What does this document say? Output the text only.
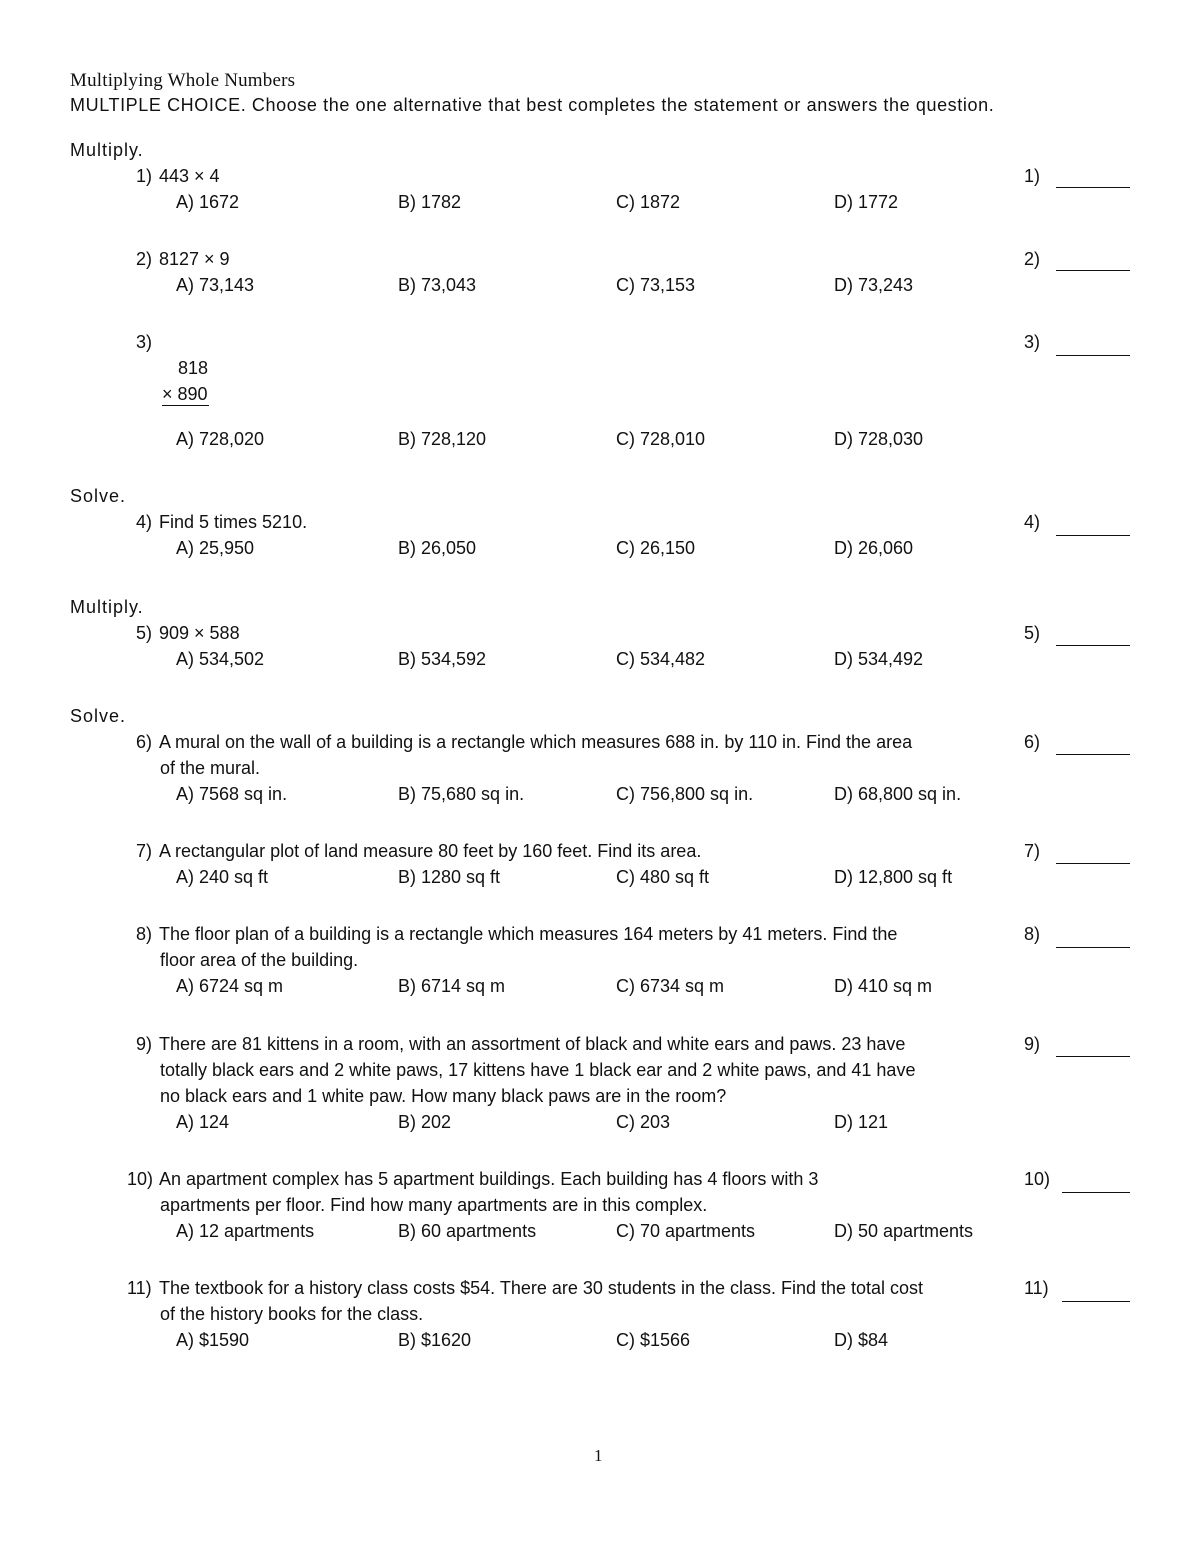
Multiplying Whole Numbers
MULTIPLE CHOICE. Choose the one alternative that best completes the statement or answers the question.
Multiply.
1) 443 × 4
A) 1672	B) 1782	C) 1872	D) 1772
1)
2) 8127 × 9
A) 73,143	B) 73,043	C) 73,153	D) 73,243
2)
3)
818
× 890
A) 728,020	B) 728,120	C) 728,010	D) 728,030
3)
Solve.
4) Find 5 times 5210.
A) 25,950	B) 26,050	C) 26,150	D) 26,060
4)
Multiply.
5) 909 × 588
A) 534,502	B) 534,592	C) 534,482	D) 534,492
5)
Solve.
6) A mural on the wall of a building is a rectangle which measures 688 in. by 110 in. Find the area
of the mural.
A) 7568 sq in.	B) 75,680 sq in.	C) 756,800 sq in.	D) 68,800 sq in.
6)
7) A rectangular plot of land measure 80 feet by 160 feet. Find its area.
A) 240 sq ft	B) 1280 sq ft	C) 480 sq ft	D) 12,800 sq ft
7)
8) The floor plan of a building is a rectangle which measures 164 meters by 41 meters. Find the
floor area of the building.
A) 6724 sq m	B) 6714 sq m	C) 6734 sq m	D) 410 sq m
8)
9) There are 81 kittens in a room, with an assortment of black and white ears and paws. 23 have
totally black ears and 2 white paws, 17 kittens have 1 black ear and 2 white paws, and 41 have
no black ears and 1 white paw. How many black paws are in the room?
A) 124	B) 202	C) 203	D) 121
9)
10) An apartment complex has 5 apartment buildings. Each building has 4 floors with 3
apartments per floor. Find how many apartments are in this complex.
A) 12 apartments	B) 60 apartments	C) 70 apartments	D) 50 apartments
10)
11) The textbook for a history class costs $54. There are 30 students in the class. Find the total cost
of the history books for the class.
A) $1590	B) $1620	C) $1566	D) $84
11)
1
